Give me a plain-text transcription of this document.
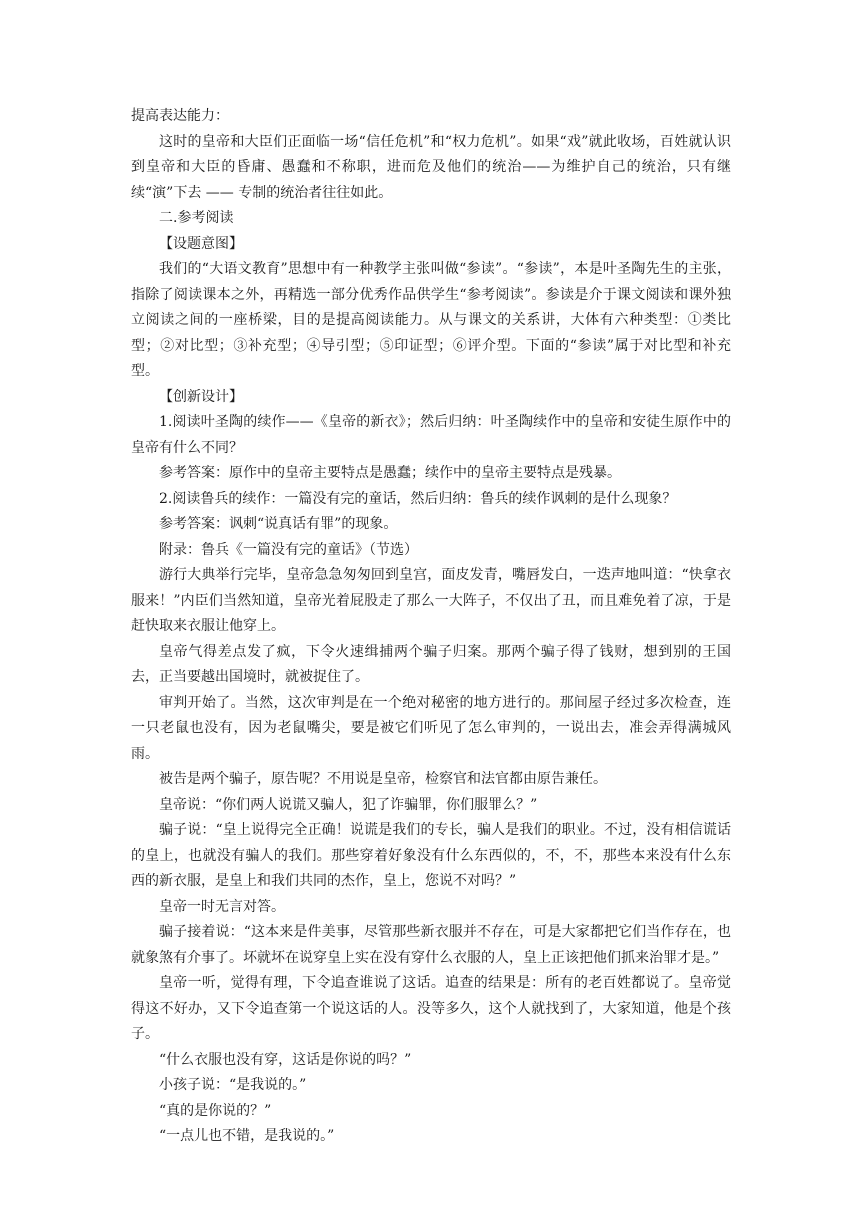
提高表达能力：

这时的皇帝和大臣们正面临一场“信任危机”和“权力危机”。如果“戏”就此收场，百姓就认识到皇帝和大臣的昏庸、愚蠢和不称职，进而危及他们的统治——为维护自己的统治，只有继续“演”下去 —— 专制的统治者往往如此。

二.参考阅读

【设题意图】

我们的“大语文教育”思想中有一种教学主张叫做“参读”。“参读”，本是叶圣陶先生的主张，指除了阅读课本之外，再精选一部分优秀作品供学生“参考阅读”。参读是介于课文阅读和课外独立阅读之间的一座桥梁，目的是提高阅读能力。从与课文的关系讲，大体有六种类型：①类比型；②对比型；③补充型；④导引型；⑤印证型；⑥评介型。下面的“参读”属于对比型和补充型。

【创新设计】

1.阅读叶圣陶的续作——《皇帝的新衣》；然后归纳：叶圣陶续作中的皇帝和安徒生原作中的皇帝有什么不同？

参考答案：原作中的皇帝主要特点是愚蠢；续作中的皇帝主要特点是残暴。

2.阅读鲁兵的续作：一篇没有完的童话，然后归纳：鲁兵的续作讽刺的是什么现象？

参考答案：讽刺“说真话有罪”的现象。

附录：鲁兵《一篇没有完的童话》（节选）

游行大典举行完毕，皇帝急急匆匆回到皇宫，面皮发青，嘴唇发白，一迭声地叫道：“快拿衣服来！”内臣们当然知道，皇帝光着屁股走了那么一大阵子，不仅出了丑，而且难免着了凉，于是赶快取来衣服让他穿上。

皇帝气得差点发了疯，下令火速缉捕两个骗子归案。那两个骗子得了钱财，想到别的王国去，正当要越出国境时，就被捉住了。

审判开始了。当然，这次审判是在一个绝对秘密的地方进行的。那间屋子经过多次检查，连一只老鼠也没有，因为老鼠嘴尖，要是被它们听见了怎么审判的，一说出去，准会弄得满城风雨。

被告是两个骗子，原告呢？不用说是皇帝，检察官和法官都由原告兼任。

皇帝说：“你们两人说谎又骗人，犯了诈骗罪，你们服罪么？”

骗子说：“皇上说得完全正确！说谎是我们的专长，骗人是我们的职业。不过，没有相信谎话的皇上，也就没有骗人的我们。那些穿着好象没有什么东西似的，不，不，那些本来没有什么东西的新衣服，是皇上和我们共同的杰作，皇上，您说不对吗？”

皇帝一时无言对答。

骗子接着说：“这本来是件美事，尽管那些新衣服并不存在，可是大家都把它们当作存在，也就象煞有介事了。坏就坏在说穿皇上实在没有穿什么衣服的人，皇上正该把他们抓来治罪才是。”

皇帝一听，觉得有理，下令追查谁说了这话。追查的结果是：所有的老百姓都说了。皇帝觉得这不好办，又下令追查第一个说这话的人。没等多久，这个人就找到了，大家知道，他是个孩子。

“什么衣服也没有穿，这话是你说的吗？”

小孩子说：“是我说的。”

“真的是你说的？”

“一点儿也不错，是我说的。”
